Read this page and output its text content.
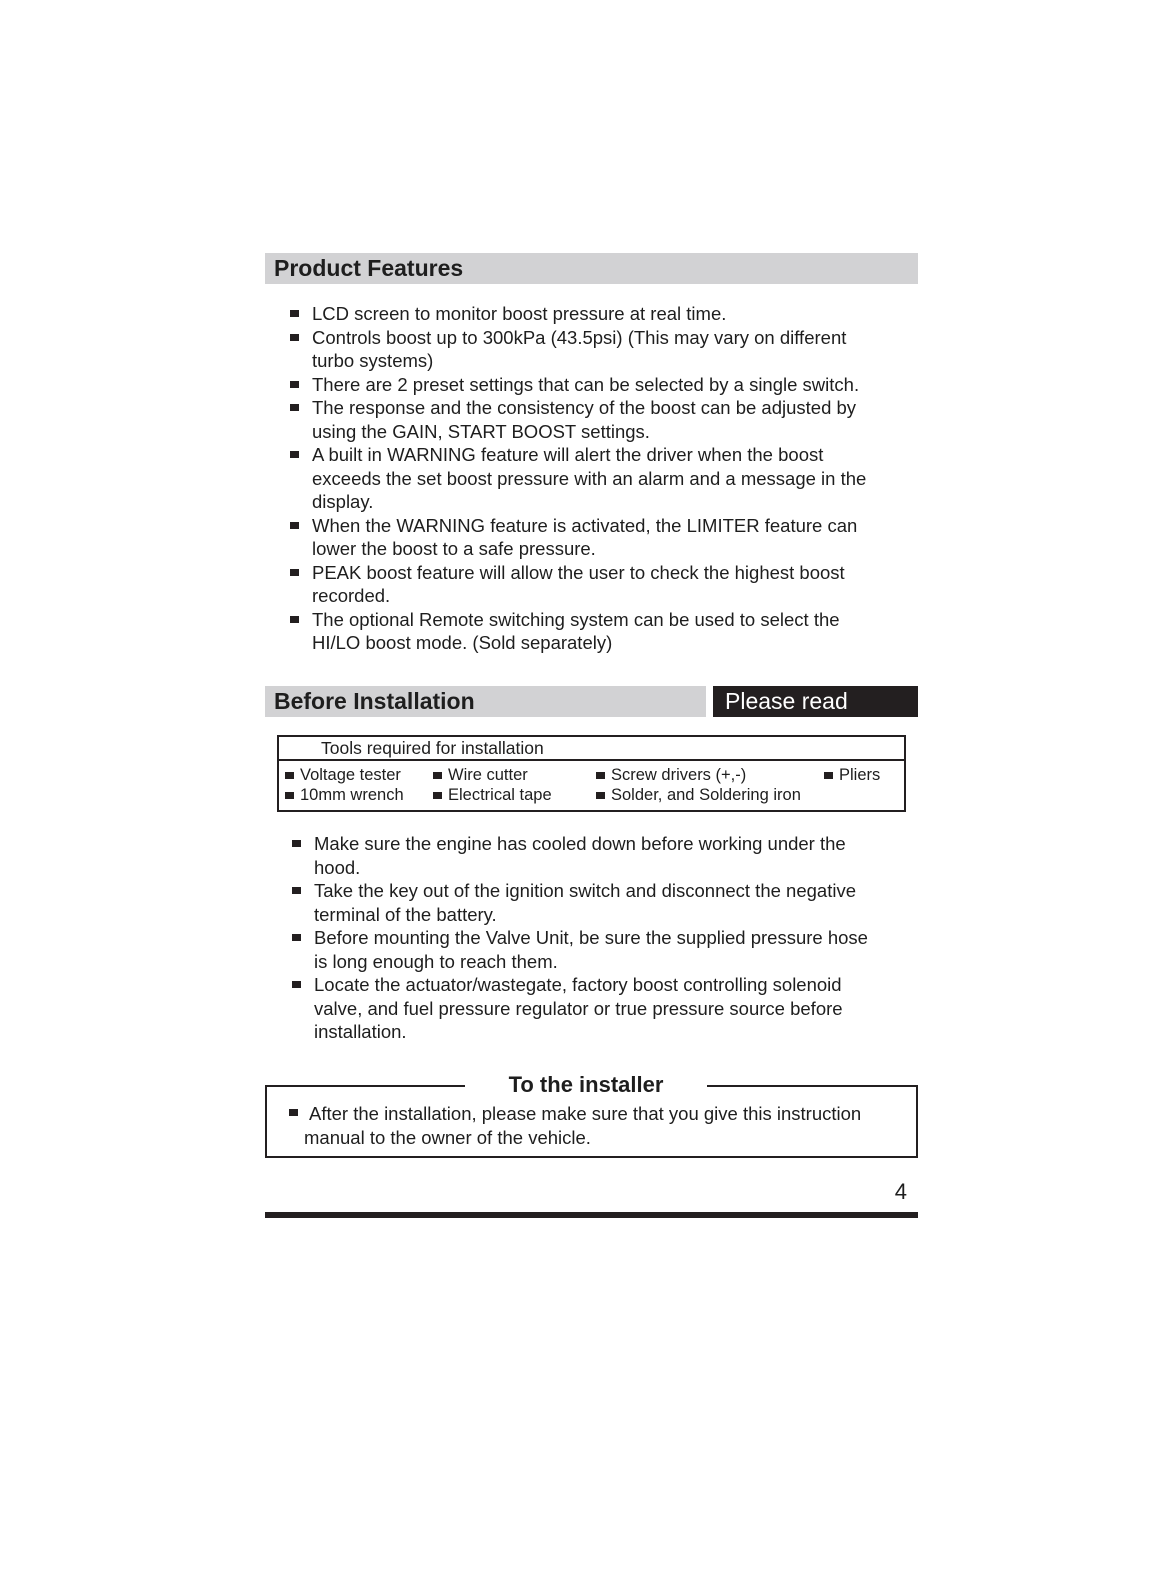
Product Features
LCD screen to monitor boost pressure at real time.
Controls boost up to 300kPa (43.5psi) (This may vary on different
turbo systems)
There are 2 preset settings that can be selected by a single switch.
The response and the consistency of the boost can be adjusted by
using the GAIN, START BOOST settings.
A built in WARNING feature will alert the driver when the boost
exceeds the set boost pressure with an alarm and a message in the
display.
When the WARNING feature is activated, the LIMITER feature can
lower the boost to a safe pressure.
PEAK boost feature will allow the user to check the highest boost
recorded.
The optional Remote switching system can be used to select the
HI/LO boost mode. (Sold separately)
Before Installation	Please read
Tools required for installation
Voltage tester	Wire cutter	Screw drivers (+,-)	Pliers
10mm wrench	Electrical tape	Solder, and Soldering iron
Make sure the engine has cooled down before working under the
hood.
Take the key out of the ignition switch and disconnect the negative
terminal of the battery.
Before mounting the Valve Unit, be sure the supplied pressure hose
is long enough to reach them.
Locate the actuator/wastegate, factory boost controlling solenoid
valve, and fuel pressure regulator or true pressure source before
installation.
To the installer
After the installation, please make sure that you give this instruction
manual to the owner of the vehicle.
4
